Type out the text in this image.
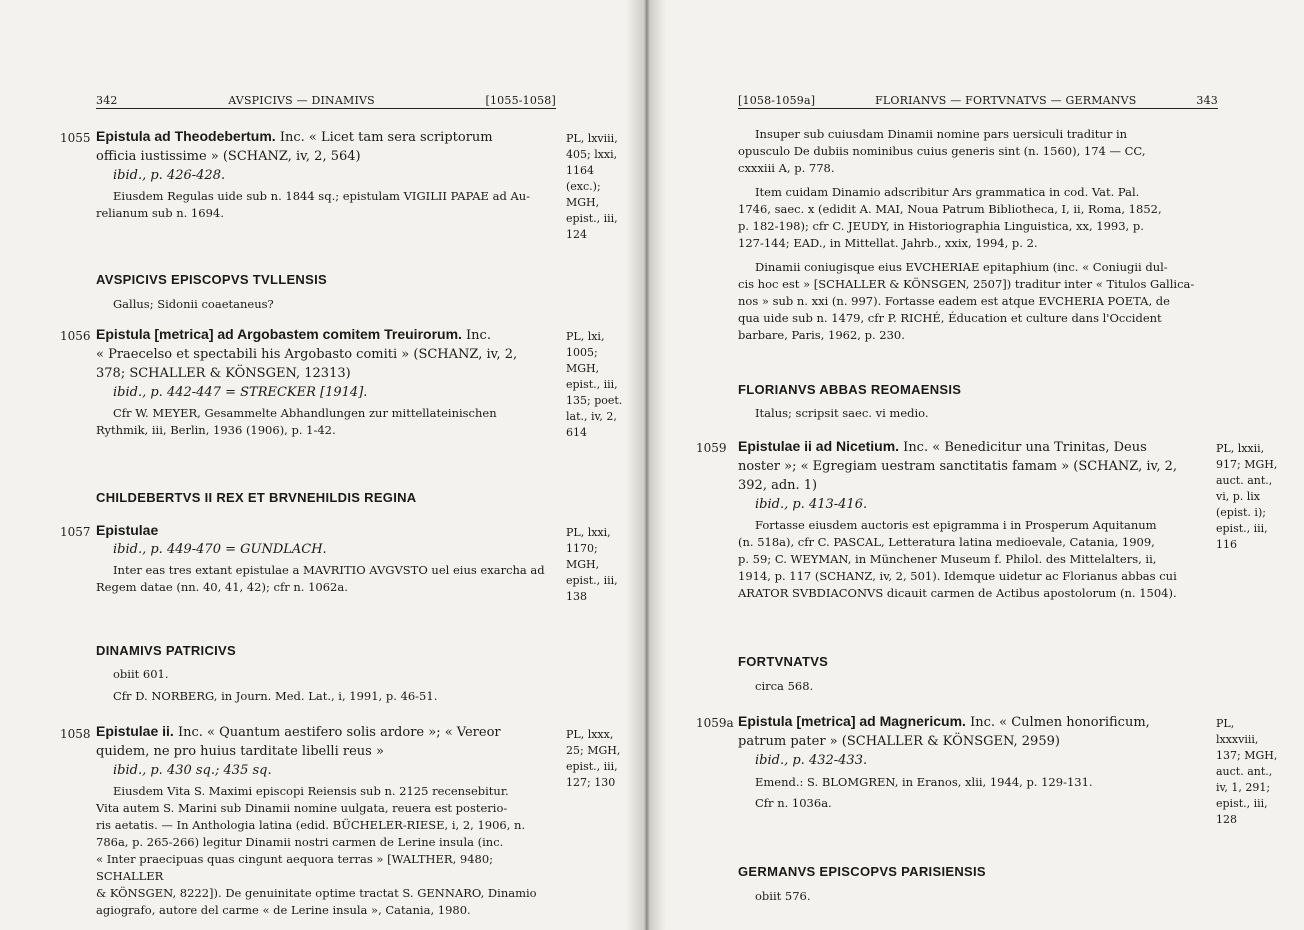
342	AVSPICIVS — DINAMIVS	[1055-1058]
1055 Epistula ad Theodebertum. Inc. « Licet tam sera scriptorum

officia iustissime » (SCHANZ, iv, 2, 564)

ibid., p. 426-428.

Eiusdem Regulas uide sub n. 1844 sq.; epistulam VIGILII PAPAE ad Au-

relianum sub n. 1694.

PL, lxviii,
405; lxxi,
1164 (exc.);
MGH,
epist., iii,
124
AVSPICIVS EPISCOPVS TVLLENSIS
Gallus; Sidonii coaetaneus?
1056 Epistula [metrica] ad Argobastem comitem Treuirorum. Inc.

« Praecelso et spectabili his Argobasto comiti » (SCHANZ, iv, 2,

378; SCHALLER & KÖNSGEN, 12313)

ibid., p. 442-447 = STRECKER [1914].

Cfr W. MEYER, Gesammelte Abhandlungen zur mittellateinischen

Rythmik, iii, Berlin, 1936 (1906), p. 1-42.

PL, lxi,
1005; MGH,
epist., iii,
135; poet.
lat., iv, 2,
614
CHILDEBERTVS II REX ET BRVNEHILDIS REGINA
1057 Epistulae

ibid., p. 449-470 = GUNDLACH.

Inter eas tres extant epistulae a MAVRITIO AVGVSTO uel eius exarcha ad

Regem datae (nn. 40, 41, 42); cfr n. 1062a.

PL, lxxi,
1170; MGH,
epist., iii,
138
DINAMIVS PATRICIVS
obiit 601.
Cfr D. NORBERG, in Journ. Med. Lat., i, 1991, p. 46-51.
1058 Epistulae ii. Inc. « Quantum aestifero solis ardore »; « Vereor

quidem, ne pro huius tarditate libelli reus »

ibid., p. 430 sq.; 435 sq.

Eiusdem Vita S. Maximi episcopi Reiensis sub n. 2125 recensebitur.

Vita autem S. Marini sub Dinamii nomine uulgata, reuera est posterio-

ris aetatis. — In Anthologia latina (edid. BÜCHELER-RIESE, i, 2, 1906, n.

786a, p. 265-266) legitur Dinamii nostri carmen de Lerine insula (inc.

« Inter praecipuas quas cingunt aequora terras » [WALTHER, 9480; SCHALLER

& KÖNSGEN, 8222]). De genuinitate optime tractat S. GENNARO, Dinamio

agiografo, autore del carme « de Lerine insula », Catania, 1980.

PL, lxxx,
25; MGH,
epist., iii,
127; 130
[1058-1059a]	FLORIANVS — FORTVNATVS — GERMANVS	343

Insuper sub cuiusdam Dinamii nomine pars uersiculi traditur in

opusculo De dubiis nominibus cuius generis sint (n. 1560), 174 — CC,

cxxxiii A, p. 778.

Item cuidam Dinamio adscribitur Ars grammatica in cod. Vat. Pal.

1746, saec. x (edidit A. MAI, Noua Patrum Bibliotheca, I, ii, Roma, 1852,

p. 182-198); cfr C. JEUDY, in Historiographia Linguistica, xx, 1993, p.

127-144; EAD., in Mittellat. Jahrb., xxix, 1994, p. 2.

Dinamii coniugisque eius EVCHERIAE epitaphium (inc. « Coniugii dul-

cis hoc est » [SCHALLER & KÖNSGEN, 2507]) traditur inter « Titulos Gallica-

nos » sub n. xxi (n. 997). Fortasse eadem est atque EVCHERIA POETA, de

qua uide sub n. 1479, cfr P. RICHÉ, Éducation et culture dans l'Occident

barbare, Paris, 1962, p. 230.

FLORIANVS ABBAS REOMAENSIS
Italus; scripsit saec. vi medio.
1059 Epistulae ii ad Nicetium. Inc. « Benedicitur una Trinitas, Deus

noster »; « Egregiam uestram sanctitatis famam » (SCHANZ, iv, 2,

392, adn. 1)

ibid., p. 413-416.

Fortasse eiusdem auctoris est epigramma i in Prosperum Aquitanum

(n. 518a), cfr C. PASCAL, Letteratura latina medioevale, Catania, 1909,

p. 59; C. WEYMAN, in Münchener Museum f. Philol. des Mittelalters, ii,

1914, p. 117 (SCHANZ, iv, 2, 501). Idemque uidetur ac Florianus abbas cui

ARATOR SVBDIACONVS dicauit carmen de Actibus apostolorum (n. 1504).

PL, lxxii,
917; MGH,
auct. ant.,
vi, p. lix
(epist. i);
epist., iii,
116
FORTVNATVS
circa 568.
1059a Epistula [metrica] ad Magnericum. Inc. « Culmen honorificum,

patrum pater » (SCHALLER & KÖNSGEN, 2959)

ibid., p. 432-433.

Emend.: S. BLOMGREN, in Eranos, xlii, 1944, p. 129-131.

Cfr n. 1036a.

PL,
lxxxviii,
137; MGH,
auct. ant.,
iv, 1, 291;
epist., iii,
128
GERMANVS EPISCOPVS PARISIENSIS
obiit 576.
